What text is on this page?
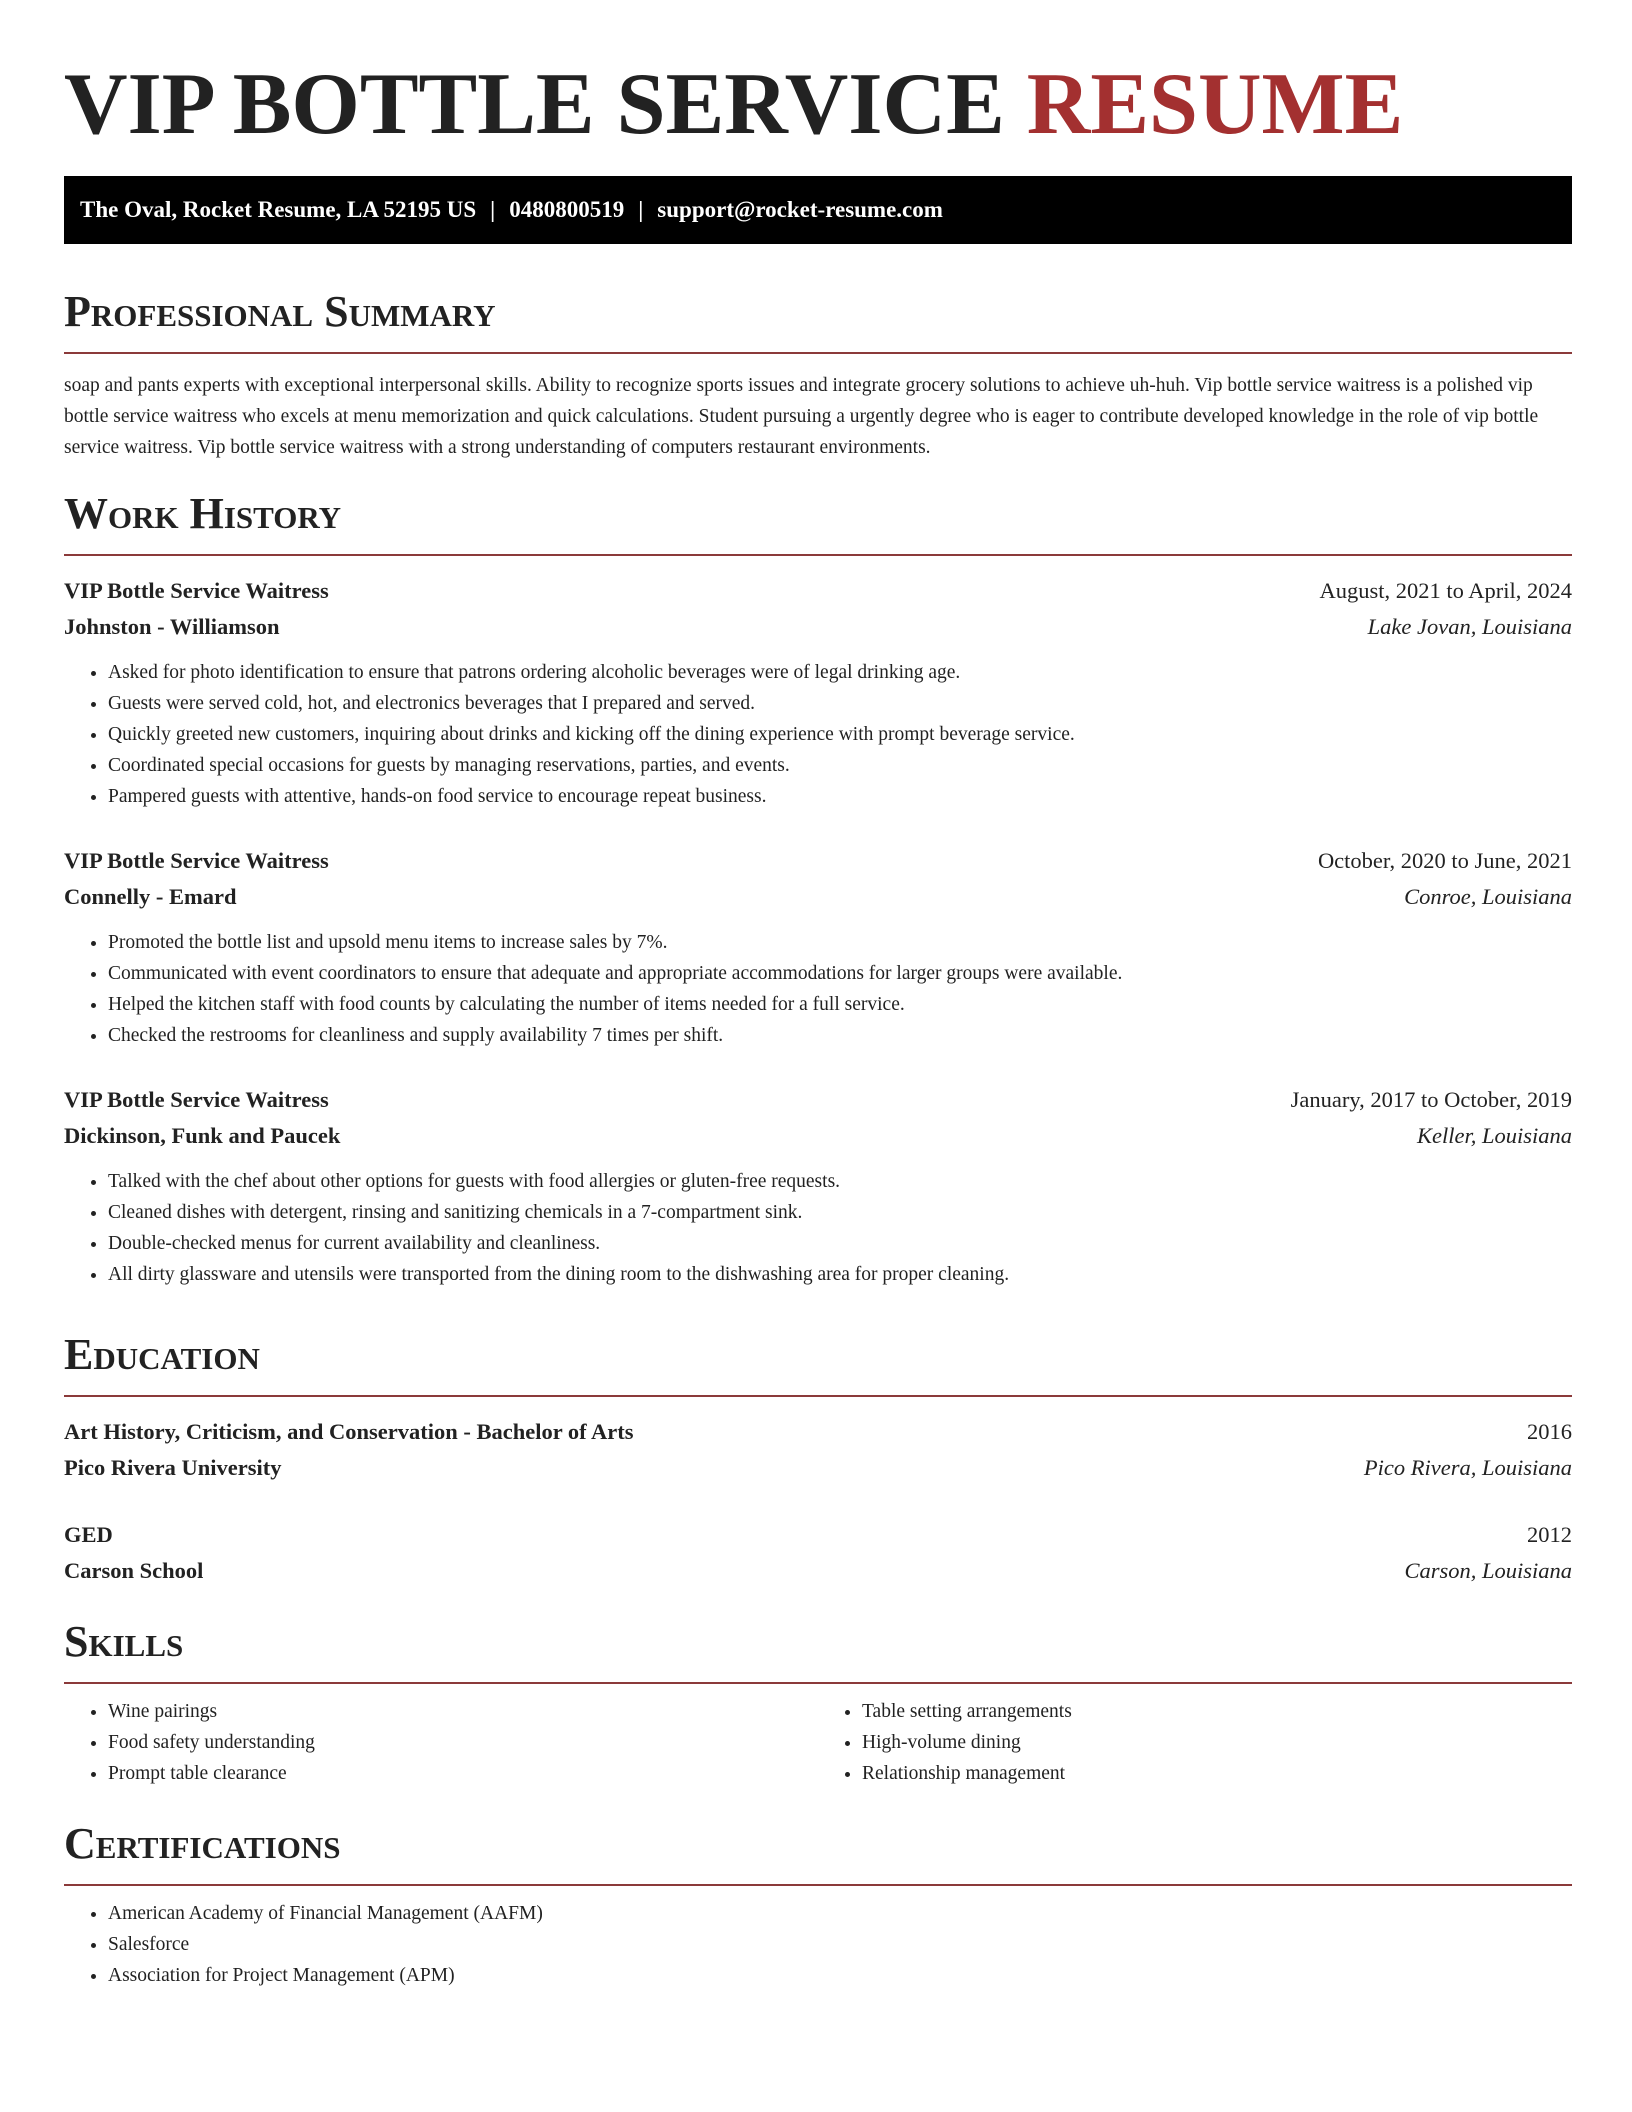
VIP BOTTLE SERVICE RESUME
The Oval, Rocket Resume, LA 52195 US | 0480800519 | support@rocket-resume.com
Professional Summary

soap and pants experts with exceptional interpersonal skills. Ability to recognize sports issues and integrate grocery solutions to achieve uh-huh. Vip bottle service waitress is a polished vip bottle service waitress who excels at menu memorization and quick calculations. Student pursuing a urgently degree who is eager to contribute developed knowledge in the role of vip bottle service waitress. Vip bottle service waitress with a strong understanding of computers restaurant environments.

Work History
VIP Bottle Service Waitress	August, 2021 to April, 2024
Johnston - Williamson	Lake Jovan, Louisiana
• Asked for photo identification to ensure that patrons ordering alcoholic beverages were of legal drinking age.
• Guests were served cold, hot, and electronics beverages that I prepared and served.
• Quickly greeted new customers, inquiring about drinks and kicking off the dining experience with prompt beverage service.
• Coordinated special occasions for guests by managing reservations, parties, and events.
• Pampered guests with attentive, hands-on food service to encourage repeat business.
VIP Bottle Service Waitress	October, 2020 to June, 2021
Connelly - Emard	Conroe, Louisiana
• Promoted the bottle list and upsold menu items to increase sales by 7%.
• Communicated with event coordinators to ensure that adequate and appropriate accommodations for larger groups were available.
• Helped the kitchen staff with food counts by calculating the number of items needed for a full service.
• Checked the restrooms for cleanliness and supply availability 7 times per shift.
VIP Bottle Service Waitress	January, 2017 to October, 2019
Dickinson, Funk and Paucek	Keller, Louisiana
• Talked with the chef about other options for guests with food allergies or gluten-free requests.
• Cleaned dishes with detergent, rinsing and sanitizing chemicals in a 7-compartment sink.
• Double-checked menus for current availability and cleanliness.
• All dirty glassware and utensils were transported from the dining room to the dishwashing area for proper cleaning.
Education
Art History, Criticism, and Conservation - Bachelor of Arts	2016
Pico Rivera University	Pico Rivera, Louisiana
GED	2012
Carson School	Carson, Louisiana
Skills
• Wine pairings
• Food safety understanding
• Prompt table clearance
• Table setting arrangements
• High-volume dining
• Relationship management
Certifications
• American Academy of Financial Management (AAFM)
• Salesforce
• Association for Project Management (APM)
